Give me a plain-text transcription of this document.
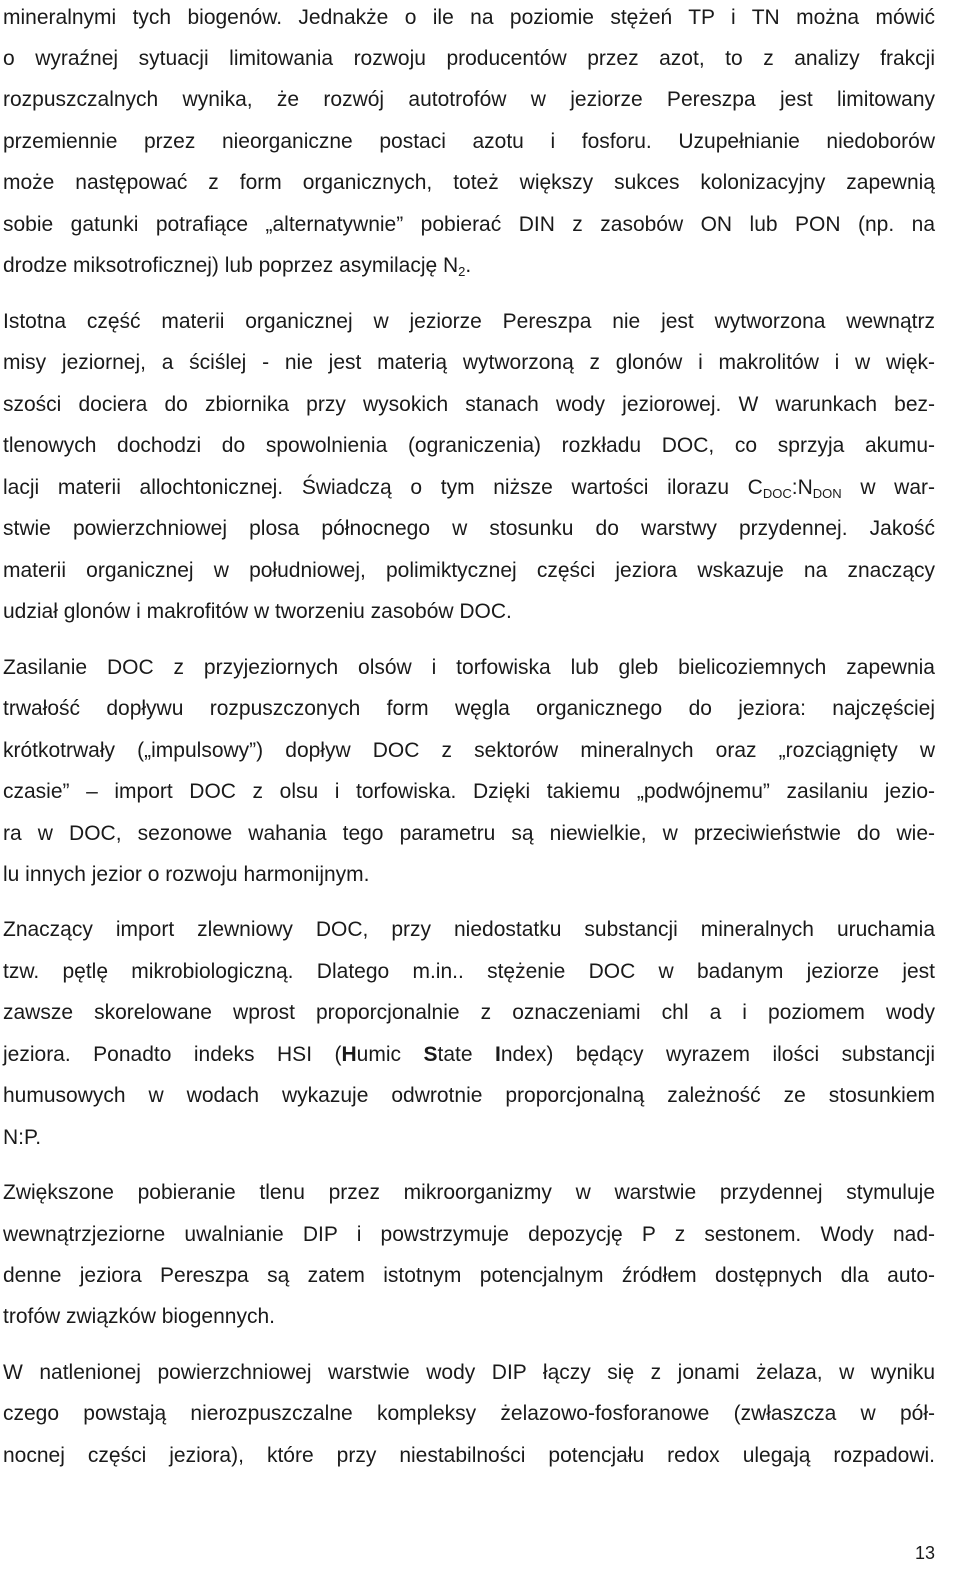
mineralnymi tych biogenów. Jednakże o ile na poziomie stężeń TP i TN można mówić
o wyraźnej sytuacji limitowania rozwoju producentów przez azot, to z analizy frakcji
rozpuszczalnych wynika, że rozwój autotrofów w jeziorze Pereszpa jest limitowany
przemiennie przez nieorganiczne postaci azotu i fosforu. Uzupełnianie niedoborów
może następować z form organicznych, toteż większy sukces kolonizacyjny zapewnią
sobie gatunki potrafiące „alternatywnie” pobierać DIN z zasobów ON lub PON (np. na
drodze miksotroficznej) lub poprzez asymilację $N_2$.
Istotna część materii organicznej w jeziorze Pereszpa nie jest wytworzona wewnątrz
misy jeziornej, a ściślej - nie jest materią wytworzoną z glonów i makrolitów i w więk-
szości dociera do zbiornika przy wysokich stanach wody jeziorowej. W warunkach bez-
tlenowych dochodzi do spowolnienia (ograniczenia) rozkładu DOC, co sprzyja akumu-
lacji materii allochtonicznej. Świadczą o tym niższe wartości ilorazu $C_{DOC}:N_{DON}$ w war-
stwie powierzchniowej plosa północnego w stosunku do warstwy przydennej. Jakość
materii organicznej w południowej, polimiktycznej części jeziora wskazuje na znaczący
udział glonów i makrofitów w tworzeniu zasobów DOC.
Zasilanie DOC z przyjeziornych olsów i torfowiska lub gleb bielicoziemnych zapewnia
trwałość dopływu rozpuszczonych form węgla organicznego do jeziora: najczęściej
krótkotrwały („impulsowy”) dopływ DOC z sektorów mineralnych oraz „rozciągnięty w
czasie” – import DOC z olsu i torfowiska. Dzięki takiemu „podwójnemu” zasilaniu jezio-
ra w DOC, sezonowe wahania tego parametru są niewielkie, w przeciwieństwie do wie-
lu innych jezior o rozwoju harmonijnym.
Znaczący import zlewniowy DOC, przy niedostatku substancji mineralnych uruchamia
tzw. pętlę mikrobiologiczną. Dlatego m.in.. stężenie DOC w badanym jeziorze jest
zawsze skorelowane wprost proporcjonalnie z oznaczeniami chl a i poziomem wody
jeziora. Ponadto indeks HSI (Humic State Index) będący wyrazem ilości substancji
humusowych w wodach wykazuje odwrotnie proporcjonalną zależność ze stosunkiem
N:P.
Zwiększone pobieranie tlenu przez mikroorganizmy w warstwie przydennej stymuluje
wewnątrzjeziorne uwalnianie DIP i powstrzymuje depozycję P z sestonem. Wody nad-
denne jeziora Pereszpa są zatem istotnym potencjalnym źródłem dostępnych dla auto-
trofów związków biogennych.
W natlenionej powierzchniowej warstwie wody DIP łączy się z jonami żelaza, w wyniku
czego powstają nierozpuszczalne kompleksy żelazowo-fosforanowe (zwłaszcza w pół-
nocnej części jeziora), które przy niestabilności potencjału redox ulegają rozpadowi.
13
